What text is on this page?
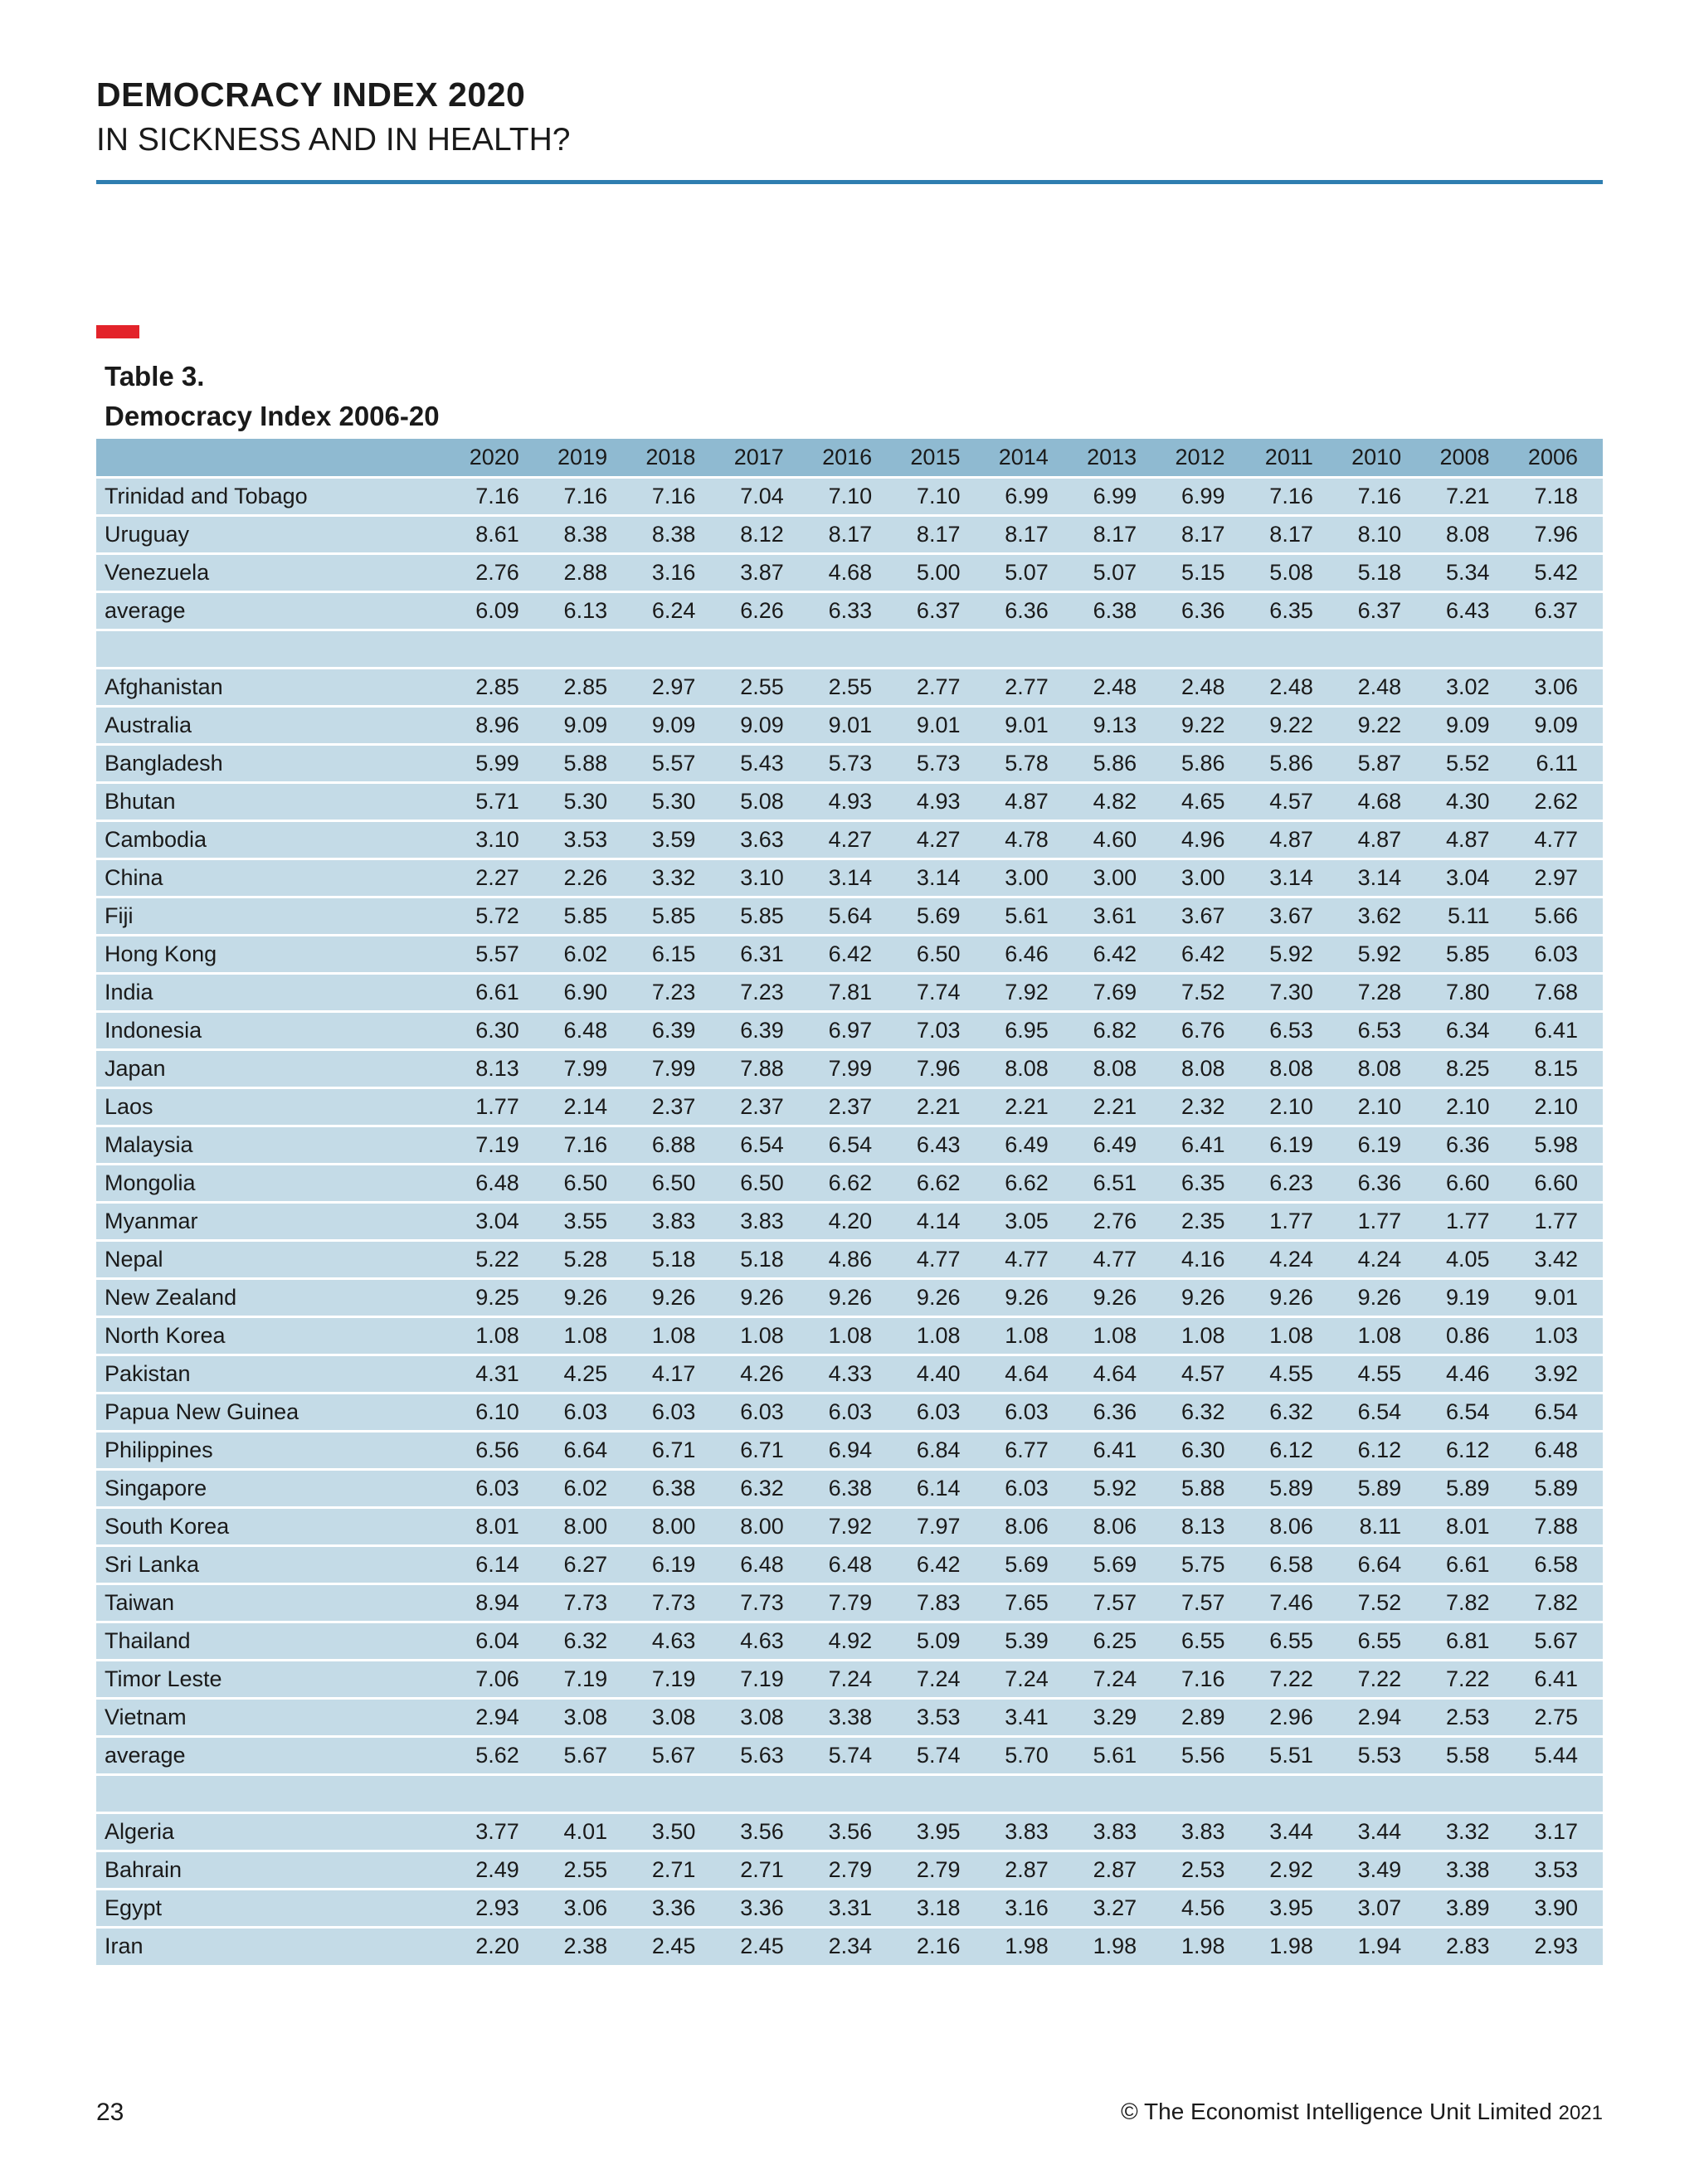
DEMOCRACY INDEX 2020
IN SICKNESS AND IN HEALTH?
Table 3.
Democracy Index 2006-20
	2020	2019	2018	2017	2016	2015	2014	2013	2012	2011	2010	2008	2006
Trinidad and Tobago	7.16	7.16	7.16	7.04	7.10	7.10	6.99	6.99	6.99	7.16	7.16	7.21	7.18
Uruguay	8.61	8.38	8.38	8.12	8.17	8.17	8.17	8.17	8.17	8.17	8.10	8.08	7.96
Venezuela	2.76	2.88	3.16	3.87	4.68	5.00	5.07	5.07	5.15	5.08	5.18	5.34	5.42
average	6.09	6.13	6.24	6.26	6.33	6.37	6.36	6.38	6.36	6.35	6.37	6.43	6.37

Afghanistan	2.85	2.85	2.97	2.55	2.55	2.77	2.77	2.48	2.48	2.48	2.48	3.02	3.06
Australia	8.96	9.09	9.09	9.09	9.01	9.01	9.01	9.13	9.22	9.22	9.22	9.09	9.09
Bangladesh	5.99	5.88	5.57	5.43	5.73	5.73	5.78	5.86	5.86	5.86	5.87	5.52	6.11
Bhutan	5.71	5.30	5.30	5.08	4.93	4.93	4.87	4.82	4.65	4.57	4.68	4.30	2.62
Cambodia	3.10	3.53	3.59	3.63	4.27	4.27	4.78	4.60	4.96	4.87	4.87	4.87	4.77
China	2.27	2.26	3.32	3.10	3.14	3.14	3.00	3.00	3.00	3.14	3.14	3.04	2.97
Fiji	5.72	5.85	5.85	5.85	5.64	5.69	5.61	3.61	3.67	3.67	3.62	5.11	5.66
Hong Kong	5.57	6.02	6.15	6.31	6.42	6.50	6.46	6.42	6.42	5.92	5.92	5.85	6.03
India	6.61	6.90	7.23	7.23	7.81	7.74	7.92	7.69	7.52	7.30	7.28	7.80	7.68
Indonesia	6.30	6.48	6.39	6.39	6.97	7.03	6.95	6.82	6.76	6.53	6.53	6.34	6.41
Japan	8.13	7.99	7.99	7.88	7.99	7.96	8.08	8.08	8.08	8.08	8.08	8.25	8.15
Laos	1.77	2.14	2.37	2.37	2.37	2.21	2.21	2.21	2.32	2.10	2.10	2.10	2.10
Malaysia	7.19	7.16	6.88	6.54	6.54	6.43	6.49	6.49	6.41	6.19	6.19	6.36	5.98
Mongolia	6.48	6.50	6.50	6.50	6.62	6.62	6.62	6.51	6.35	6.23	6.36	6.60	6.60
Myanmar	3.04	3.55	3.83	3.83	4.20	4.14	3.05	2.76	2.35	1.77	1.77	1.77	1.77
Nepal	5.22	5.28	5.18	5.18	4.86	4.77	4.77	4.77	4.16	4.24	4.24	4.05	3.42
New Zealand	9.25	9.26	9.26	9.26	9.26	9.26	9.26	9.26	9.26	9.26	9.26	9.19	9.01
North Korea	1.08	1.08	1.08	1.08	1.08	1.08	1.08	1.08	1.08	1.08	1.08	0.86	1.03
Pakistan	4.31	4.25	4.17	4.26	4.33	4.40	4.64	4.64	4.57	4.55	4.55	4.46	3.92
Papua New Guinea	6.10	6.03	6.03	6.03	6.03	6.03	6.03	6.36	6.32	6.32	6.54	6.54	6.54
Philippines	6.56	6.64	6.71	6.71	6.94	6.84	6.77	6.41	6.30	6.12	6.12	6.12	6.48
Singapore	6.03	6.02	6.38	6.32	6.38	6.14	6.03	5.92	5.88	5.89	5.89	5.89	5.89
South Korea	8.01	8.00	8.00	8.00	7.92	7.97	8.06	8.06	8.13	8.06	8.11	8.01	7.88
Sri Lanka	6.14	6.27	6.19	6.48	6.48	6.42	5.69	5.69	5.75	6.58	6.64	6.61	6.58
Taiwan	8.94	7.73	7.73	7.73	7.79	7.83	7.65	7.57	7.57	7.46	7.52	7.82	7.82
Thailand	6.04	6.32	4.63	4.63	4.92	5.09	5.39	6.25	6.55	6.55	6.55	6.81	5.67
Timor Leste	7.06	7.19	7.19	7.19	7.24	7.24	7.24	7.24	7.16	7.22	7.22	7.22	6.41
Vietnam	2.94	3.08	3.08	3.08	3.38	3.53	3.41	3.29	2.89	2.96	2.94	2.53	2.75
average	5.62	5.67	5.67	5.63	5.74	5.74	5.70	5.61	5.56	5.51	5.53	5.58	5.44

Algeria	3.77	4.01	3.50	3.56	3.56	3.95	3.83	3.83	3.83	3.44	3.44	3.32	3.17
Bahrain	2.49	2.55	2.71	2.71	2.79	2.79	2.87	2.87	2.53	2.92	3.49	3.38	3.53
Egypt	2.93	3.06	3.36	3.36	3.31	3.18	3.16	3.27	4.56	3.95	3.07	3.89	3.90
Iran	2.20	2.38	2.45	2.45	2.34	2.16	1.98	1.98	1.98	1.98	1.94	2.83	2.93
23	© The Economist Intelligence Unit Limited 2021
